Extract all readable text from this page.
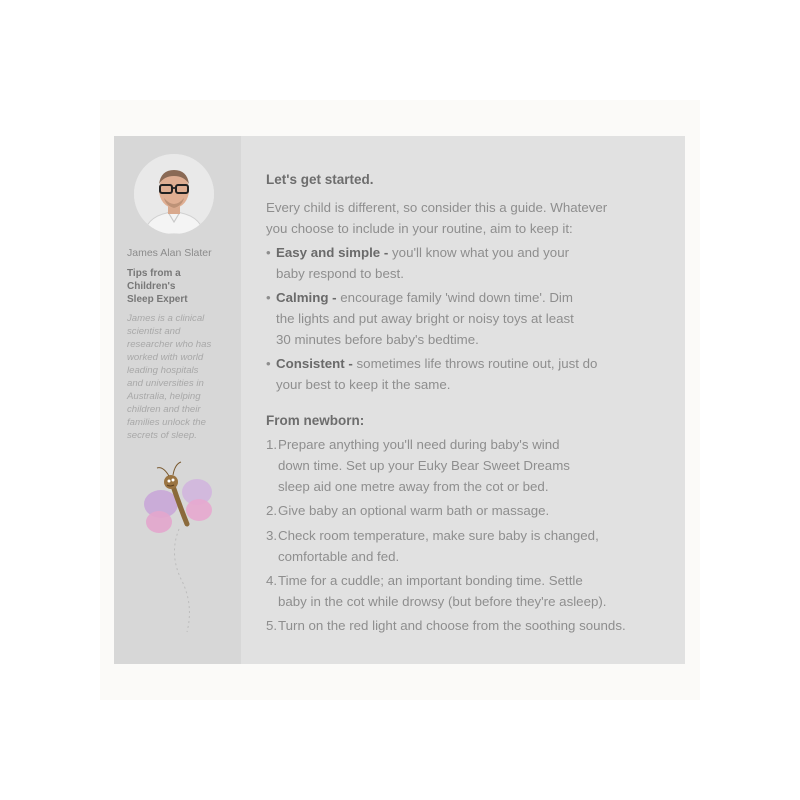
James Alan Slater
Tips from a
Children's
Sleep Expert
James is a clinical
scientist and
researcher who has
worked with world
leading hospitals
and universities in
Australia, helping
children and their
families unlock the
secrets of sleep.
Let's get started.
Every child is different, so consider this a guide. Whatever
you choose to include in your routine, aim to keep it:
• Easy and simple - you'll know what you and your
baby respond to best.
• Calming - encourage family 'wind down time'. Dim
the lights and put away bright or noisy toys at least
30 minutes before baby's bedtime.
• Consistent - sometimes life throws routine out, just do
your best to keep it the same.
From newborn:
1. Prepare anything you'll need during baby's wind
down time. Set up your Euky Bear Sweet Dreams
sleep aid one metre away from the cot or bed.
2. Give baby an optional warm bath or massage.
3. Check room temperature, make sure baby is changed,
comfortable and fed.
4. Time for a cuddle; an important bonding time. Settle
baby in the cot while drowsy (but before they're asleep).
5. Turn on the red light and choose from the soothing sounds.
